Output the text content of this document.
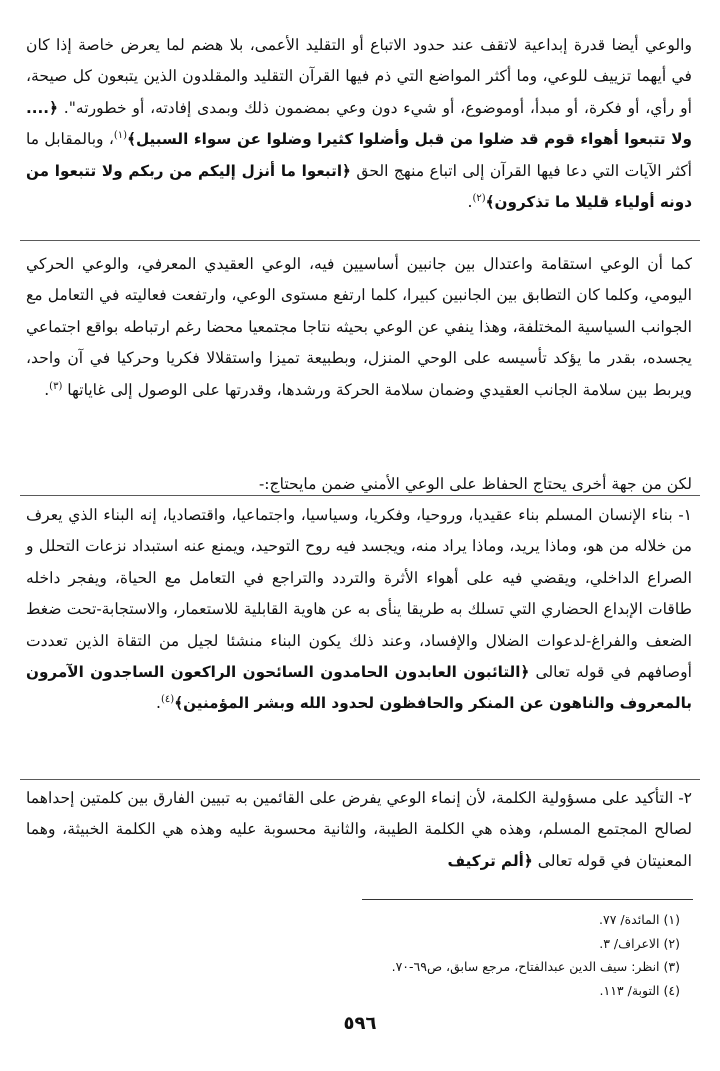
والوعي أيضا قدرة إبداعية لاتقف عند حدود الاتباع أو التقليد الأعمى، بلا هضم لما يعرض خاصة إذا كان في أيهما تزييف للوعي، وما أكثر المواضع التي ذم فيها القرآن التقليد والمقلدون الذين يتبعون كل صيحة، أو رأي، أو فكرة، أو مبدأ، أوموضوع، أو شيء دون وعي بمضمون ذلك وبمدى إفادته، أو خطورته". ﴿.... ولا تتبعوا أهواء قوم قد ضلوا من قبل وأضلوا كثيرا وضلوا عن سواء السبيل﴾$^{(١)}$، وبالمقابل ما أكثر الآيات التي دعا فيها القرآن إلى اتباع منهج الحق ﴿اتبعوا ما أنزل إليكم من ربكم ولا تتبعوا من دونه أولياء قليلا ما تذكرون﴾$^{(٢)}$.

كما أن الوعي استقامة واعتدال بين جانبين أساسيين فيه، الوعي العقيدي المعرفي، والوعي الحركي اليومي، وكلما كان التطابق بين الجانبين كبيرا، كلما ارتفع مستوى الوعي، وارتفعت فعاليته في التعامل مع الجوانب السياسية المختلفة، وهذا ينفي عن الوعي بحيثه نتاجا مجتمعيا محضا رغم ارتباطه بواقع اجتماعي يجسده، بقدر ما يؤكد تأسيسه على الوحي المنزل، وبطبيعة تميزا واستقلالا فكريا وحركيا في آن واحد، ويربط بين سلامة الجانب العقيدي وضمان سلامة الحركة ورشدها، وقدرتها على الوصول إلى غاياتها $^{(٣)}$.

لكن من جهة أخرى يحتاج الحفاظ على الوعي الأمني ضمن مايحتاج:-

١- بناء الإنسان المسلم بناء عقيديا، وروحيا، وفكريا، وسياسيا، واجتماعيا، واقتصاديا، إنه البناء الذي يعرف من خلاله من هو، وماذا يريد، وماذا يراد منه، ويجسد فيه روح التوحيد، ويمنع عنه استبداد نزعات التحلل و الصراع الداخلي، ويقضي فيه على أهواء الأثرة والتردد والتراجع في التعامل مع الحياة، ويفجر داخله طاقات الإبداع الحضاري التي تسلك به طريقا ينأى به عن هاوية القابلية للاستعمار، والاستجابة-تحت ضغط الضعف والفراغ-لدعوات الضلال والإفساد، وعند ذلك يكون البناء منشئا لجيل من التقاة الذين تعددت أوصافهم في قوله تعالى ﴿التائبون العابدون الحامدون السائحون الراكعون الساجدون الآمرون بالمعروف والناهون عن المنكر والحافظون لحدود الله وبشر المؤمنين﴾$^{(٤)}$.

٢- التأكيد على مسؤولية الكلمة، لأن إنماء الوعي يفرض على القائمين به تبيين الفارق بين كلمتين إحداهما لصالح المجتمع المسلم، وهذه هي الكلمة الطيبة، والثانية محسوبة عليه وهذه هي الكلمة الخبيثة، وهما المعنيتان في قوله تعالى ﴿ألم تركيف

(١) المائدة/ ٧٧.
(٢) الاعراف/ ٣.
(٣) انظر: سيف الدين عبدالفتاح، مرجع سابق، ص٦٩-٧٠.
(٤) التوبة/ ١١٣.
٥٩٦
